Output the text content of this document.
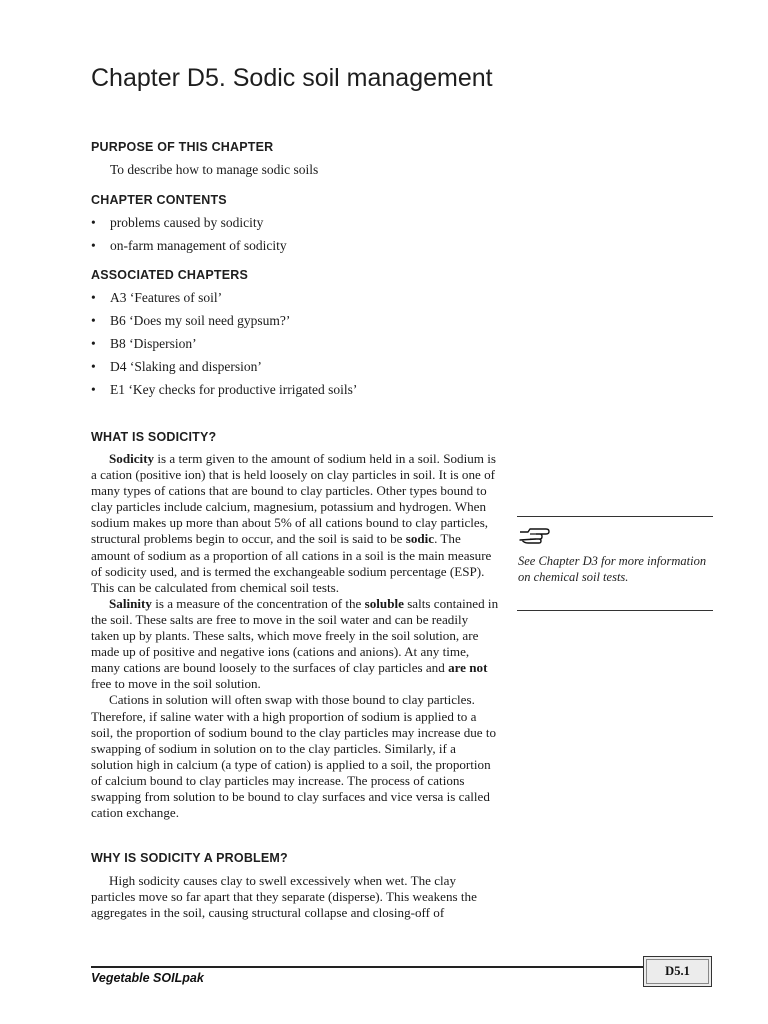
Chapter D5. Sodic soil management
PURPOSE OF THIS CHAPTER

To describe how to manage sodic soils

CHAPTER CONTENTS
• problems caused by sodicity
• on-farm management of sodicity
ASSOCIATED CHAPTERS
• A3 ‘Features of soil’
• B6 ‘Does my soil need gypsum?’
• B8 ‘Dispersion’
• D4 ‘Slaking and dispersion’
• E1 ‘Key checks for productive irrigated soils’
WHAT IS SODICITY?

Sodicity is a term given to the amount of sodium held in a soil. Sodium is a cation (positive ion) that is held loosely on clay particles in soil. It is one of many types of cations that are bound to clay particles. Other types bound to clay particles include calcium, magnesium, potassium and hydrogen. When sodium makes up more than about 5% of all cations bound to clay particles, structural problems begin to occur, and the soil is said to be sodic. The amount of sodium as a proportion of all cations in a soil is the main measure of sodicity used, and is termed the exchangeable sodium percentage (ESP). This can be calculated from chemical soil tests.

Salinity is a measure of the concentration of the soluble salts contained in the soil. These salts are free to move in the soil water and can be readily taken up by plants. These salts, which move freely in the soil solution, are made up of positive and negative ions (cations and anions). At any time, many cations are bound loosely to the surfaces of clay particles and are not free to move in the soil solution.

Cations in solution will often swap with those bound to clay particles. Therefore, if saline water with a high proportion of sodium is applied to a soil, the proportion of sodium bound to the clay particles may increase due to swapping of sodium in solution on to the clay particles. Similarly, if a solution high in calcium (a type of cation) is applied to a soil, the proportion of calcium bound to clay particles may increase. The process of cations swapping from solution to be bound to clay surfaces and vice versa is called cation exchange.

WHY IS SODICITY A PROBLEM?

High sodicity causes clay to swell excessively when wet. The clay particles move so far apart that they separate (disperse). This weakens the aggregates in the soil, causing structural collapse and closing-off of

See Chapter D3 for more information on chemical soil tests.

Vegetable SOILpak	D5.1
